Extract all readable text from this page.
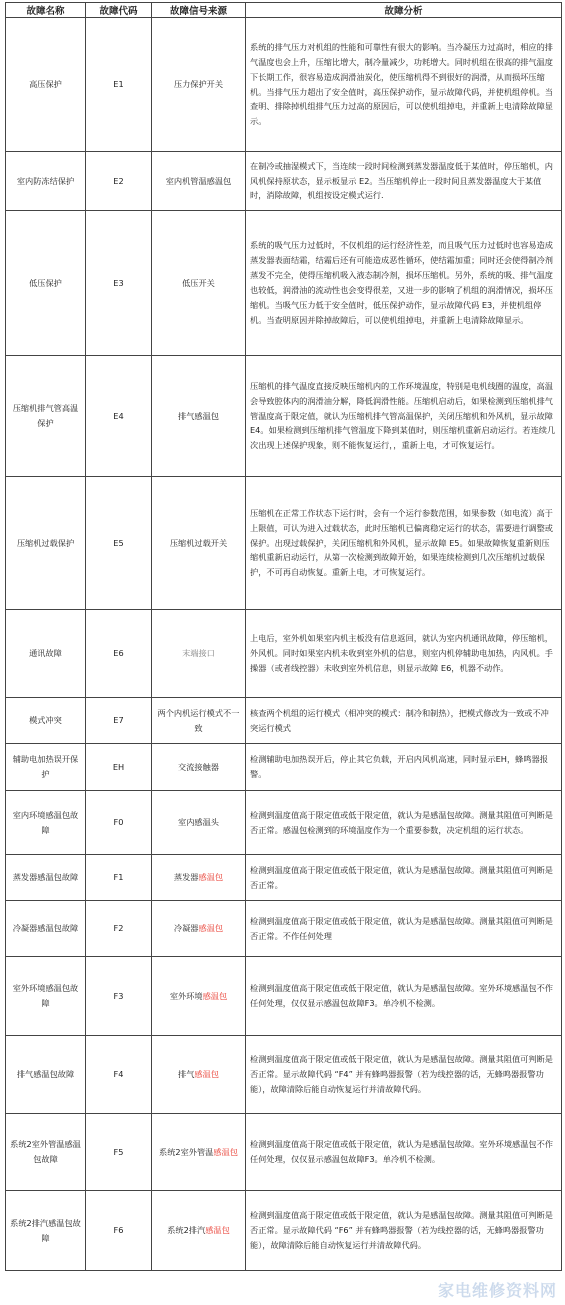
故障名称	故障代码	故障信号来源	故障分析
高压保护	E1	压力保护开关	系统的排气压力对机组的性能和可靠性有很大的影响。当冷凝压力过高时，相应的排气温度也会上升，压缩比增大，制冷量减少，功耗增大。同时机组在很高的排气温度下长期工作，很容易造成润滑油炭化，使压缩机得不到很好的润滑，从而损坏压缩机。当排气压力超出了安全值时，高压保护动作，显示故障代码，并使机组停机。当查明、排除掉机组排气压力过高的原因后，可以使机组掉电，并重新上电清除故障显示。
室内防冻结保护	E2	室内机管温感温包	在制冷或抽湿模式下，当连续一段时间检测到蒸发器温度低于某值时，停压缩机，内风机保持原状态，显示板显示 E2。当压缩机停止一段时间且蒸发器温度大于某值时，消除故障，机组按设定模式运行.
低压保护	E3	低压开关	系统的吸气压力过低时，不仅机组的运行经济性差，而且吸气压力过低时也容易造成蒸发器表面结霜，结霜后还有可能造成恶性循环，使结霜加重；同时还会使得制冷剂蒸发不完全，使得压缩机吸入液态制冷剂，损坏压缩机。另外，系统的吸、排气温度也较低，润滑油的流动性也会变得很差，又进一步的影响了机组的润滑情况，损坏压缩机。当吸气压力低于安全值时，低压保护动作，显示故障代码 E3，并使机组停机。当查明原因并除掉故障后，可以使机组掉电，并重新上电清除故障显示。
压缩机排气管高温保护	E4	排气感温包	压缩机的排气温度直接反映压缩机内的工作环境温度，特别是电机线圈的温度，高温会导致腔体内的润滑油分解，降低润滑性能。压缩机启动后，如果检测到压缩机排气管温度高于限定值，就认为压缩机排气管高温保护，关闭压缩机和外风机，显示故障 E4。如果检测到压缩机排气管温度下降到某值时，则压缩机重新启动运行。若连续几次出现上述保护现象，则不能恢复运行，，重新上电，才可恢复运行。
压缩机过载保护	E5	压缩机过载开关	压缩机在正常工作状态下运行时，会有一个运行参数范围，如果参数（如电流）高于上限值，可认为进入过载状态，此时压缩机已偏离稳定运行的状态，需要进行调整或保护。出现过载保护，关闭压缩机和外风机，显示故障 E5。如果故障恢复重新则压缩机重新启动运行，从第一次检测到故障开始，如果连续检测到几次压缩机过载保护，不可再自动恢复。重新上电，才可恢复运行。
通讯故障	E6	末端接口	上电后，室外机如果室内机主板没有信息返回，就认为室内机通讯故障，停压缩机，外风机。同时如果室内机未收到室外机的信息，则室内机停辅助电加热，内风机。手操器（或者线控器）未收到室外机信息，则显示故障 E6，机器不动作。
模式冲突	E7	两个内机运行模式不一致	核查两个机组的运行模式（相冲突的模式：制冷和制热），把模式修改为一致或不冲突运行模式
辅助电加热误开保护	EH	交流接触器	检测辅助电加热误开后，停止其它负载，开启内风机高速，同时显示EH，蜂鸣器报警。
室内环境感温包故障	F0	室内感温头	检测到温度值高于限定值或低于限定值，就认为是感温包故障。测量其阻值可判断是否正常。感温包检测到的环境温度作为一个重要参数，决定机组的运行状态。
蒸发器感温包故障	F1	蒸发器感温包	检测到温度值高于限定值或低于限定值，就认为是感温包故障。测量其阻值可判断是否正常。
冷凝器感温包故障	F2	冷凝器感温包	检测到温度值高于限定值或低于限定值，就认为是感温包故障。测量其阻值可判断是否正常。不作任何处理
室外环境感温包故障	F3	室外环境感温包	检测到温度值高于限定值或低于限定值，就认为是感温包故障。室外环境感温包不作任何处理，仅仅显示感温包故障F3。单冷机不检测。
排气感温包故障	F4	排气感温包	检测到温度值高于限定值或低于限定值，就认为是感温包故障。测量其阻值可判断是否正常。显示故障代码 “F4” 并有蜂鸣器报警（若为线控器的话，无蜂鸣器报警功能），故障清除后能自动恢复运行并清故障代码。
系统2室外管温感温包故障	F5	系统2室外管温感温包	检测到温度值高于限定值或低于限定值，就认为是感温包故障。室外环境感温包不作任何处理，仅仅显示感温包故障F3。单冷机不检测。
系统2排汽感温包故障	F6	系统2排汽感温包	检测到温度值高于限定值或低于限定值，就认为是感温包故障。测量其阻值可判断是否正常。显示故障代码 “F6” 并有蜂鸣器报警（若为线控器的话，无蜂鸣器报警功能），故障清除后能自动恢复运行并清故障代码。
家电维修资料网
